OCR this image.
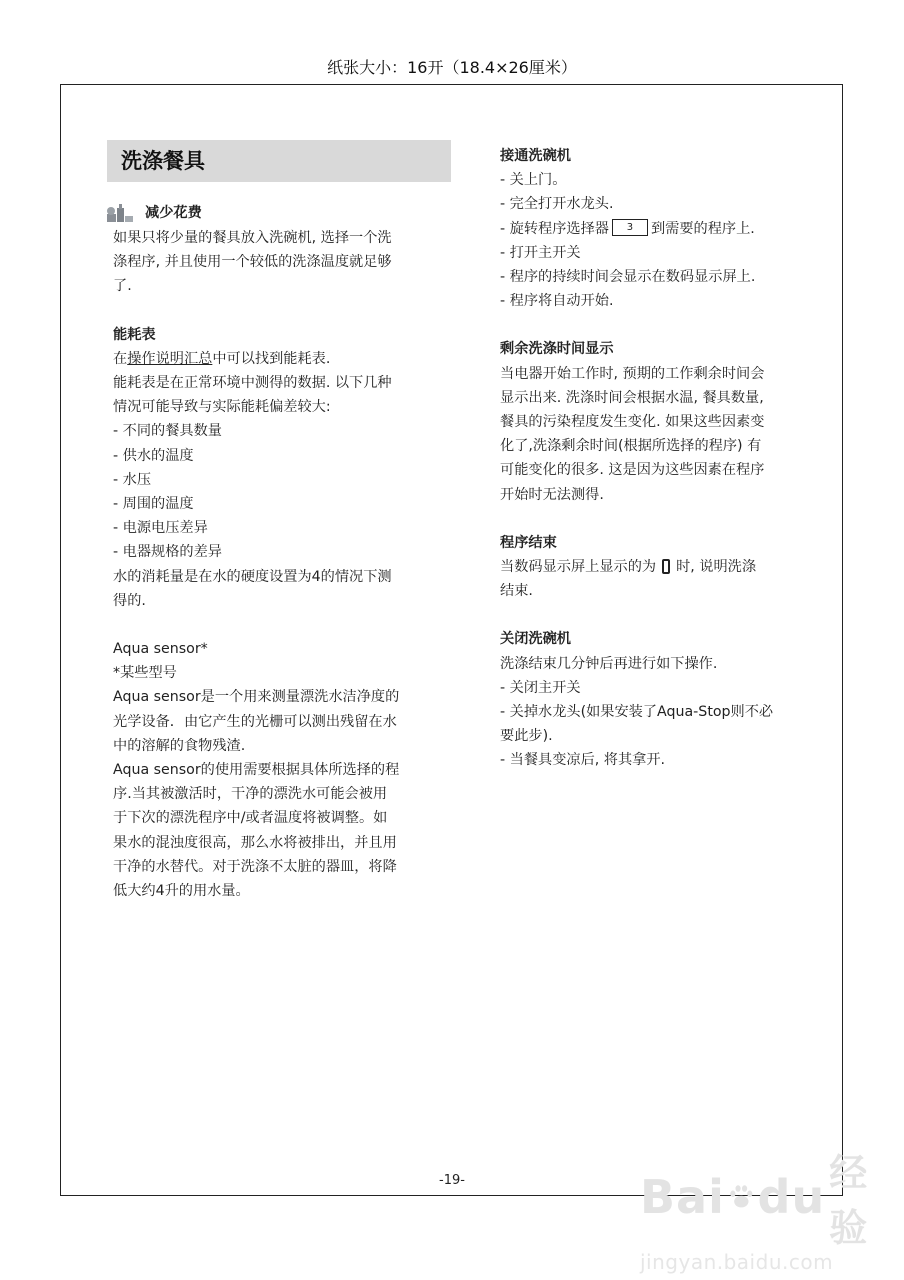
纸张大小：16开（18.4×26厘米）
洗涤餐具
减少花费
如果只将少量的餐具放入洗碗机, 选择一个洗
涤程序, 并且使用一个较低的洗涤温度就足够
了.
能耗表
在操作说明汇总中可以找到能耗表.
能耗表是在正常环境中测得的数据. 以下几种
情况可能导致与实际能耗偏差较大:
- 不同的餐具数量
- 供水的温度
- 水压
- 周围的温度
- 电源电压差异
- 电器规格的差异
水的消耗量是在水的硬度设置为4的情况下测
得的.
Aqua sensor*
*某些型号
Aqua sensor是一个用来测量漂洗水洁净度的
光学设备．由它产生的光栅可以测出残留在水
中的溶解的食物残渣.
Aqua sensor的使用需要根据具体所选择的程
序.当其被激活时，干净的漂洗水可能会被用
于下次的漂洗程序中/或者温度将被调整。如
果水的混浊度很高，那么水将被排出，并且用
干净的水替代。对于洗涤不太脏的器皿，将降
低大约4升的用水量。
接通洗碗机
- 关上门。
- 完全打开水龙头.
- 旋转程序选择器 3 到需要的程序上.
- 打开主开关
- 程序的持续时间会显示在数码显示屏上.
- 程序将自动开始.
剩余洗涤时间显示
当电器开始工作时, 预期的工作剩余时间会
显示出来. 洗涤时间会根据水温, 餐具数量,
餐具的污染程度发生变化. 如果这些因素变
化了,洗涤剩余时间(根据所选择的程序) 有
可能变化的很多. 这是因为这些因素在程序
开始时无法测得.
程序结束
当数码显示屏上显示的为 时, 说明洗涤
结束.
关闭洗碗机
洗涤结束几分钟后再进行如下操作.
- 关闭主开关
- 关掉水龙头(如果安装了Aqua-Stop则不必
要此步).
- 当餐具变凉后, 将其拿开.
-19-	Bai du 经验
jingyan.baidu.com
